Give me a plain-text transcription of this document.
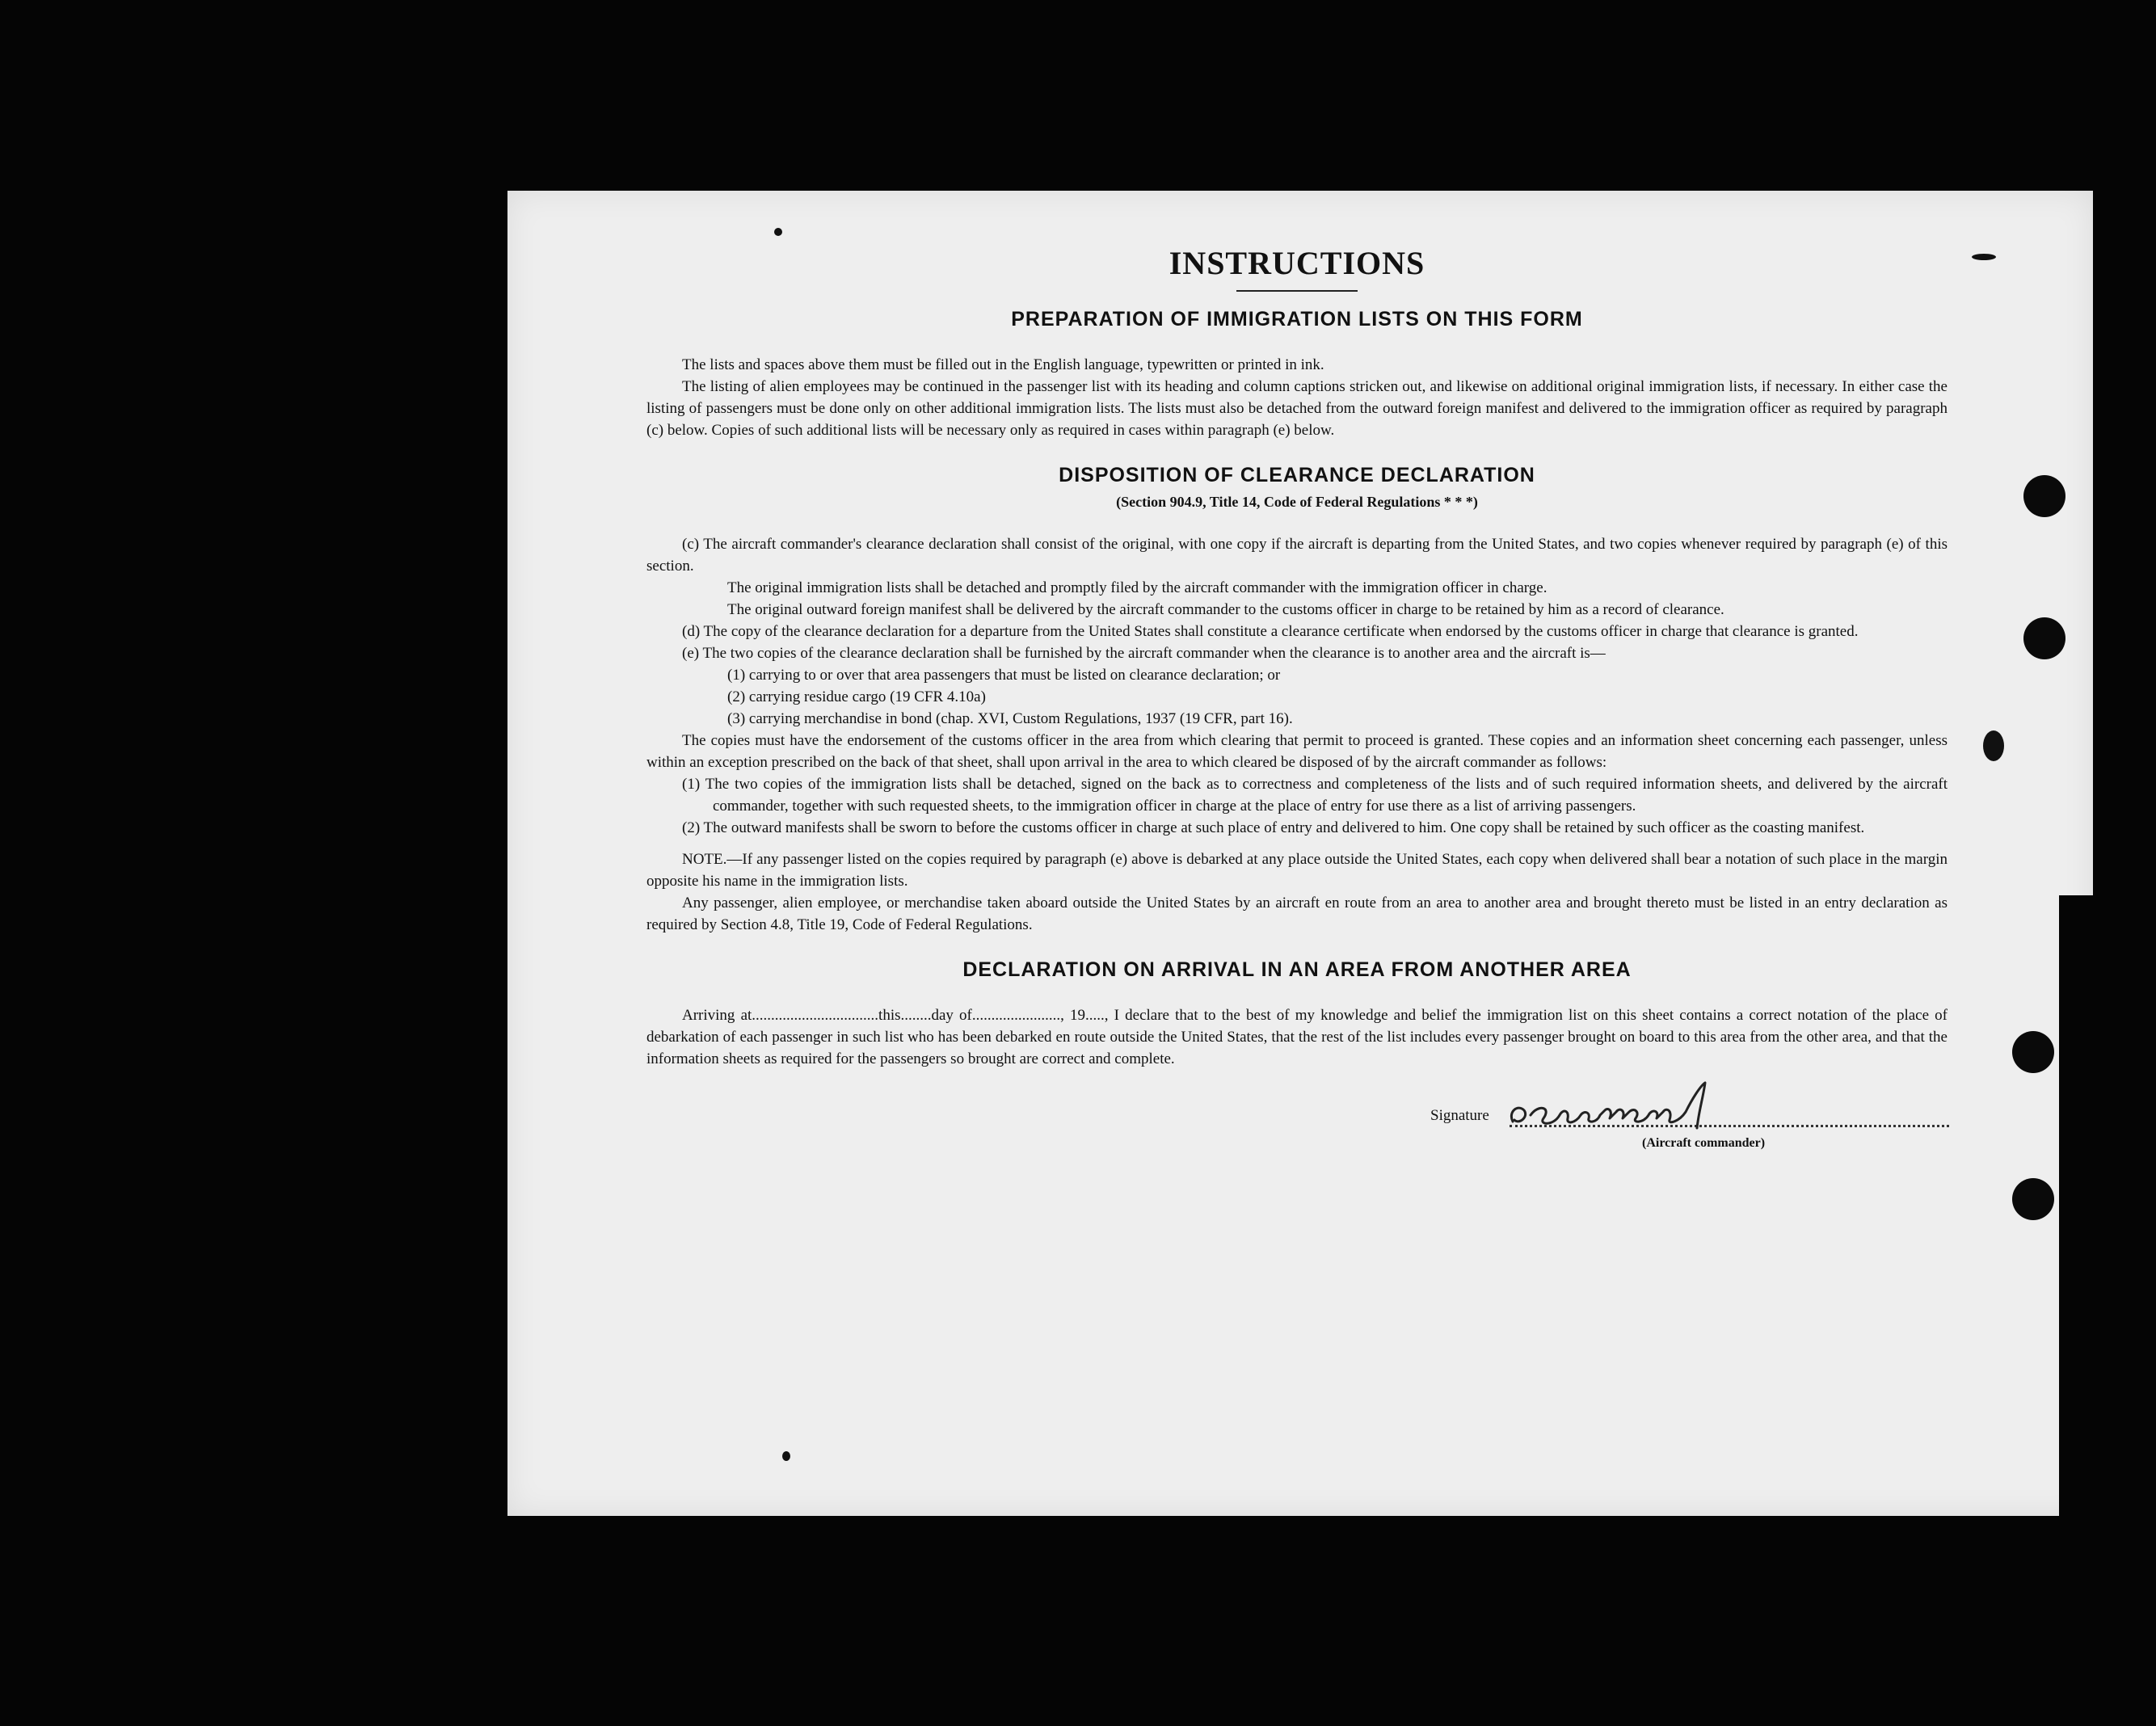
INSTRUCTIONS
PREPARATION OF IMMIGRATION LISTS ON THIS FORM

The lists and spaces above them must be filled out in the English language, typewritten or printed in ink.

The listing of alien employees may be continued in the passenger list with its heading and column captions stricken out, and likewise on additional original immigration lists, if necessary. In either case the listing of passengers must be done only on other additional immigration lists. The lists must also be detached from the outward foreign manifest and delivered to the immigration officer as required by paragraph (c) below. Copies of such additional lists will be necessary only as required in cases within paragraph (e) below.

DISPOSITION OF CLEARANCE DECLARATION
(Section 904.9, Title 14, Code of Federal Regulations * * *)

(c) The aircraft commander's clearance declaration shall consist of the original, with one copy if the aircraft is departing from the United States, and two copies whenever required by paragraph (e) of this section.

The original immigration lists shall be detached and promptly filed by the aircraft commander with the immigration officer in charge.

The original outward foreign manifest shall be delivered by the aircraft commander to the customs officer in charge to be retained by him as a record of clearance.

(d) The copy of the clearance declaration for a departure from the United States shall constitute a clearance certificate when endorsed by the customs officer in charge that clearance is granted.

(e) The two copies of the clearance declaration shall be furnished by the aircraft commander when the clearance is to another area and the aircraft is—

(1) carrying to or over that area passengers that must be listed on clearance declaration; or

(2) carrying residue cargo (19 CFR 4.10a)

(3) carrying merchandise in bond (chap. XVI, Custom Regulations, 1937 (19 CFR, part 16).

The copies must have the endorsement of the customs officer in the area from which clearing that permit to proceed is granted. These copies and an information sheet concerning each passenger, unless within an exception prescribed on the back of that sheet, shall upon arrival in the area to which cleared be disposed of by the aircraft commander as follows:

(1) The two copies of the immigration lists shall be detached, signed on the back as to correctness and completeness of the lists and of such required information sheets, and delivered by the aircraft commander, together with such requested sheets, to the immigration officer in charge at the place of entry for use there as a list of arriving passengers.

(2) The outward manifests shall be sworn to before the customs officer in charge at such place of entry and delivered to him. One copy shall be retained by such officer as the coasting manifest.

NOTE.—If any passenger listed on the copies required by paragraph (e) above is debarked at any place outside the United States, each copy when delivered shall bear a notation of such place in the margin opposite his name in the immigration lists.

Any passenger, alien employee, or merchandise taken aboard outside the United States by an aircraft en route from an area to another area and brought thereto must be listed in an entry declaration as required by Section 4.8, Title 19, Code of Federal Regulations.

DECLARATION ON ARRIVAL IN AN AREA FROM ANOTHER AREA

Arriving at.................................this........day of......................., 19....., I declare that to the best of my knowledge and belief the immigration list on this sheet contains a correct notation of the place of debarkation of each passenger in such list who has been debarked en route outside the United States, that the rest of the list includes every passenger brought on board to this area from the other area, and that the information sheets as required for the passengers so brought are correct and complete.

Signature
(Aircraft commander)
